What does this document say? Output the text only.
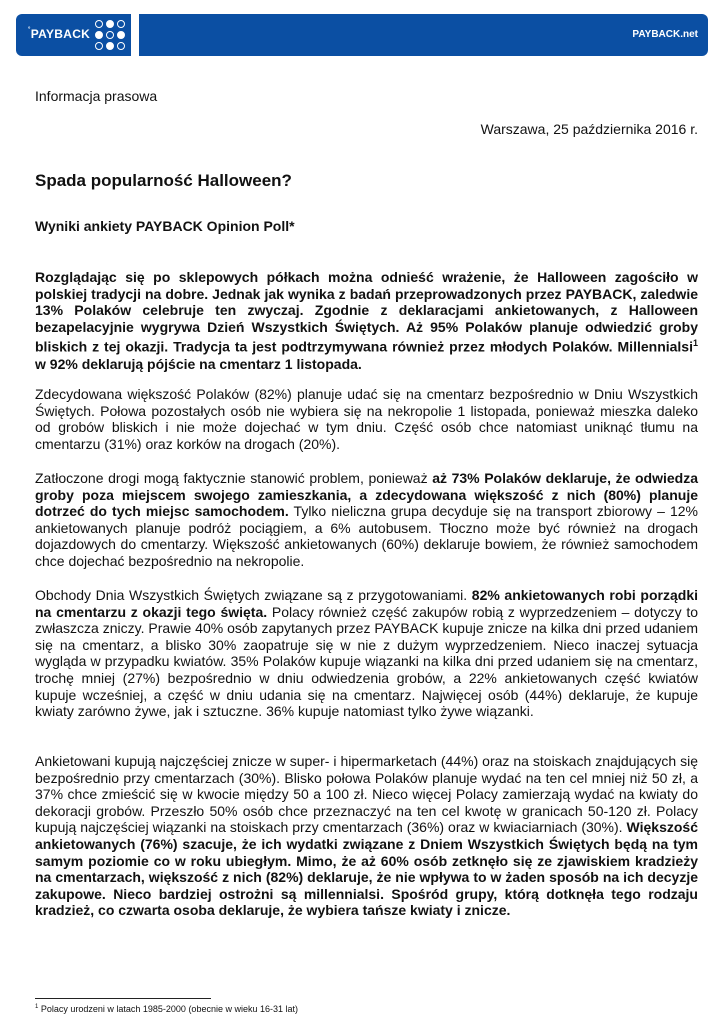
°PAYBACK	PAYBACK.net
Informacja prasowa
Warszawa, 25 października 2016 r.
Spada popularność Halloween?
Wyniki ankiety PAYBACK Opinion Poll*

Rozglądając się po sklepowych półkach można odnieść wrażenie, że Halloween zagościło w polskiej tradycji na dobre. Jednak jak wynika z badań przeprowadzonych przez PAYBACK, zaledwie 13% Polaków celebruje ten zwyczaj. Zgodnie z deklaracjami ankietowanych, z Halloween bezapelacyjnie wygrywa Dzień Wszystkich Świętych. Aż 95% Polaków planuje odwiedzić groby bliskich z tej okazji. Tradycja ta jest podtrzymywana również przez młodych Polaków. Millennialsi$^1$ w 92% deklarują pójście na cmentarz 1 listopada.

Zdecydowana większość Polaków (82%) planuje udać się na cmentarz bezpośrednio w Dniu Wszystkich Świętych. Połowa pozostałych osób nie wybiera się na nekropolie 1 listopada, ponieważ mieszka daleko od grobów bliskich i nie może dojechać w tym dniu. Część osób chce natomiast uniknąć tłumu na cmentarzu (31%) oraz korków na drogach (20%).

Zatłoczone drogi mogą faktycznie stanowić problem, ponieważ aż 73% Polaków deklaruje, że odwiedza groby poza miejscem swojego zamieszkania, a zdecydowana większość z nich (80%) planuje dotrzeć do tych miejsc samochodem. Tylko nieliczna grupa decyduje się na transport zbiorowy – 12% ankietowanych planuje podróż pociągiem, a 6% autobusem. Tłoczno może być również na drogach dojazdowych do cmentarzy. Większość ankietowanych (60%) deklaruje bowiem, że również samochodem chce dojechać bezpośrednio na nekropolie.

Obchody Dnia Wszystkich Świętych związane są z przygotowaniami. 82% ankietowanych robi porządki na cmentarzu z okazji tego święta. Polacy również część zakupów robią z wyprzedzeniem – dotyczy to zwłaszcza zniczy. Prawie 40% osób zapytanych przez PAYBACK kupuje znicze na kilka dni przed udaniem się na cmentarz, a blisko 30% zaopatruje się w nie z dużym wyprzedzeniem. Nieco inaczej sytuacja wygląda w przypadku kwiatów. 35% Polaków kupuje wiązanki na kilka dni przed udaniem się na cmentarz, trochę mniej (27%) bezpośrednio w dniu odwiedzenia grobów, a 22% ankietowanych część kwiatów kupuje wcześniej, a część w dniu udania się na cmentarz. Najwięcej osób (44%) deklaruje, że kupuje kwiaty zarówno żywe, jak i sztuczne. 36% kupuje natomiast tylko żywe wiązanki.

Ankietowani kupują najczęściej znicze w super- i hipermarketach (44%) oraz na stoiskach znajdujących się bezpośrednio przy cmentarzach (30%). Blisko połowa Polaków planuje wydać na ten cel mniej niż 50 zł, a 37% chce zmieścić się w kwocie między 50 a 100 zł. Nieco więcej Polacy zamierzają wydać na kwiaty do dekoracji grobów. Przeszło 50% osób chce przeznaczyć na ten cel kwotę w granicach 50-120 zł. Polacy kupują najczęściej wiązanki na stoiskach przy cmentarzach (36%) oraz w kwiaciarniach (30%). Większość ankietowanych (76%) szacuje, że ich wydatki związane z Dniem Wszystkich Świętych będą na tym samym poziomie co w roku ubiegłym. Mimo, że aż 60% osób zetknęło się ze zjawiskiem kradzieży na cmentarzach, większość z nich (82%) deklaruje, że nie wpływa to w żaden sposób na ich decyzje zakupowe. Nieco bardziej ostrożni są millennialsi. Spośród grupy, którą dotknęła tego rodzaju kradzież, co czwarta osoba deklaruje, że wybiera tańsze kwiaty i znicze.

$^1$ Polacy urodzeni w latach 1985-2000 (obecnie w wieku 16-31 lat)
